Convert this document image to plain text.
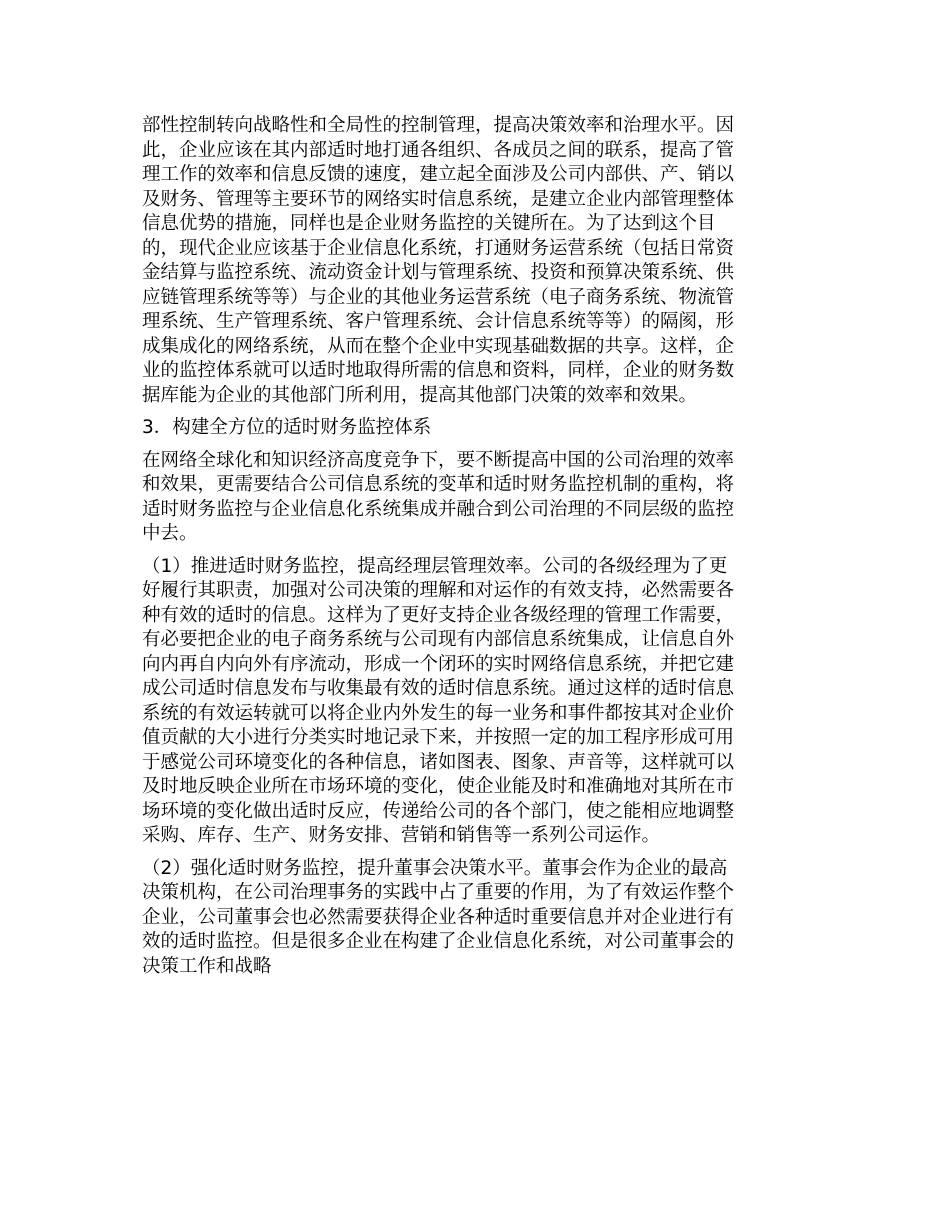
部性控制转向战略性和全局性的控制管理，提高决策效率和治理水平。因此，企业应该在其内部适时地打通各组织、各成员之间的联系，提高了管理工作的效率和信息反馈的速度，建立起全面涉及公司内部供、产、销以及财务、管理等主要环节的网络实时信息系统，是建立企业内部管理整体信息优势的措施，同样也是企业财务监控的关键所在。为了达到这个目的，现代企业应该基于企业信息化系统，打通财务运营系统（包括日常资金结算与监控系统、流动资金计划与管理系统、投资和预算决策系统、供应链管理系统等等）与企业的其他业务运营系统（电子商务系统、物流管理系统、生产管理系统、客户管理系统、会计信息系统等等）的隔阂，形成集成化的网络系统，从而在整个企业中实现基础数据的共享。这样，企业的监控体系就可以适时地取得所需的信息和资料，同样，企业的财务数据库能为企业的其他部门所利用，提高其他部门决策的效率和效果。

3．构建全方位的适时财务监控体系

在网络全球化和知识经济高度竞争下，要不断提高中国的公司治理的效率和效果，更需要结合公司信息系统的变革和适时财务监控机制的重构，将适时财务监控与企业信息化系统集成并融合到公司治理的不同层级的监控中去。

（1）推进适时财务监控，提高经理层管理效率。公司的各级经理为了更好履行其职责，加强对公司决策的理解和对运作的有效支持，必然需要各种有效的适时的信息。这样为了更好支持企业各级经理的管理工作需要，有必要把企业的电子商务系统与公司现有内部信息系统集成，让信息自外向内再自内向外有序流动，形成一个闭环的实时网络信息系统，并把它建成公司适时信息发布与收集最有效的适时信息系统。通过这样的适时信息系统的有效运转就可以将企业内外发生的每一业务和事件都按其对企业价值贡献的大小进行分类实时地记录下来，并按照一定的加工程序形成可用于感觉公司环境变化的各种信息，诸如图表、图象、声音等，这样就可以及时地反映企业所在市场环境的变化，使企业能及时和准确地对其所在市场环境的变化做出适时反应，传递给公司的各个部门，使之能相应地调整采购、库存、生产、财务安排、营销和销售等一系列公司运作。

（2）强化适时财务监控，提升董事会决策水平。董事会作为企业的最高决策机构，在公司治理事务的实践中占了重要的作用，为了有效运作整个企业，公司董事会也必然需要获得企业各种适时重要信息并对企业进行有效的适时监控。但是很多企业在构建了企业信息化系统，对公司董事会的决策工作和战略
